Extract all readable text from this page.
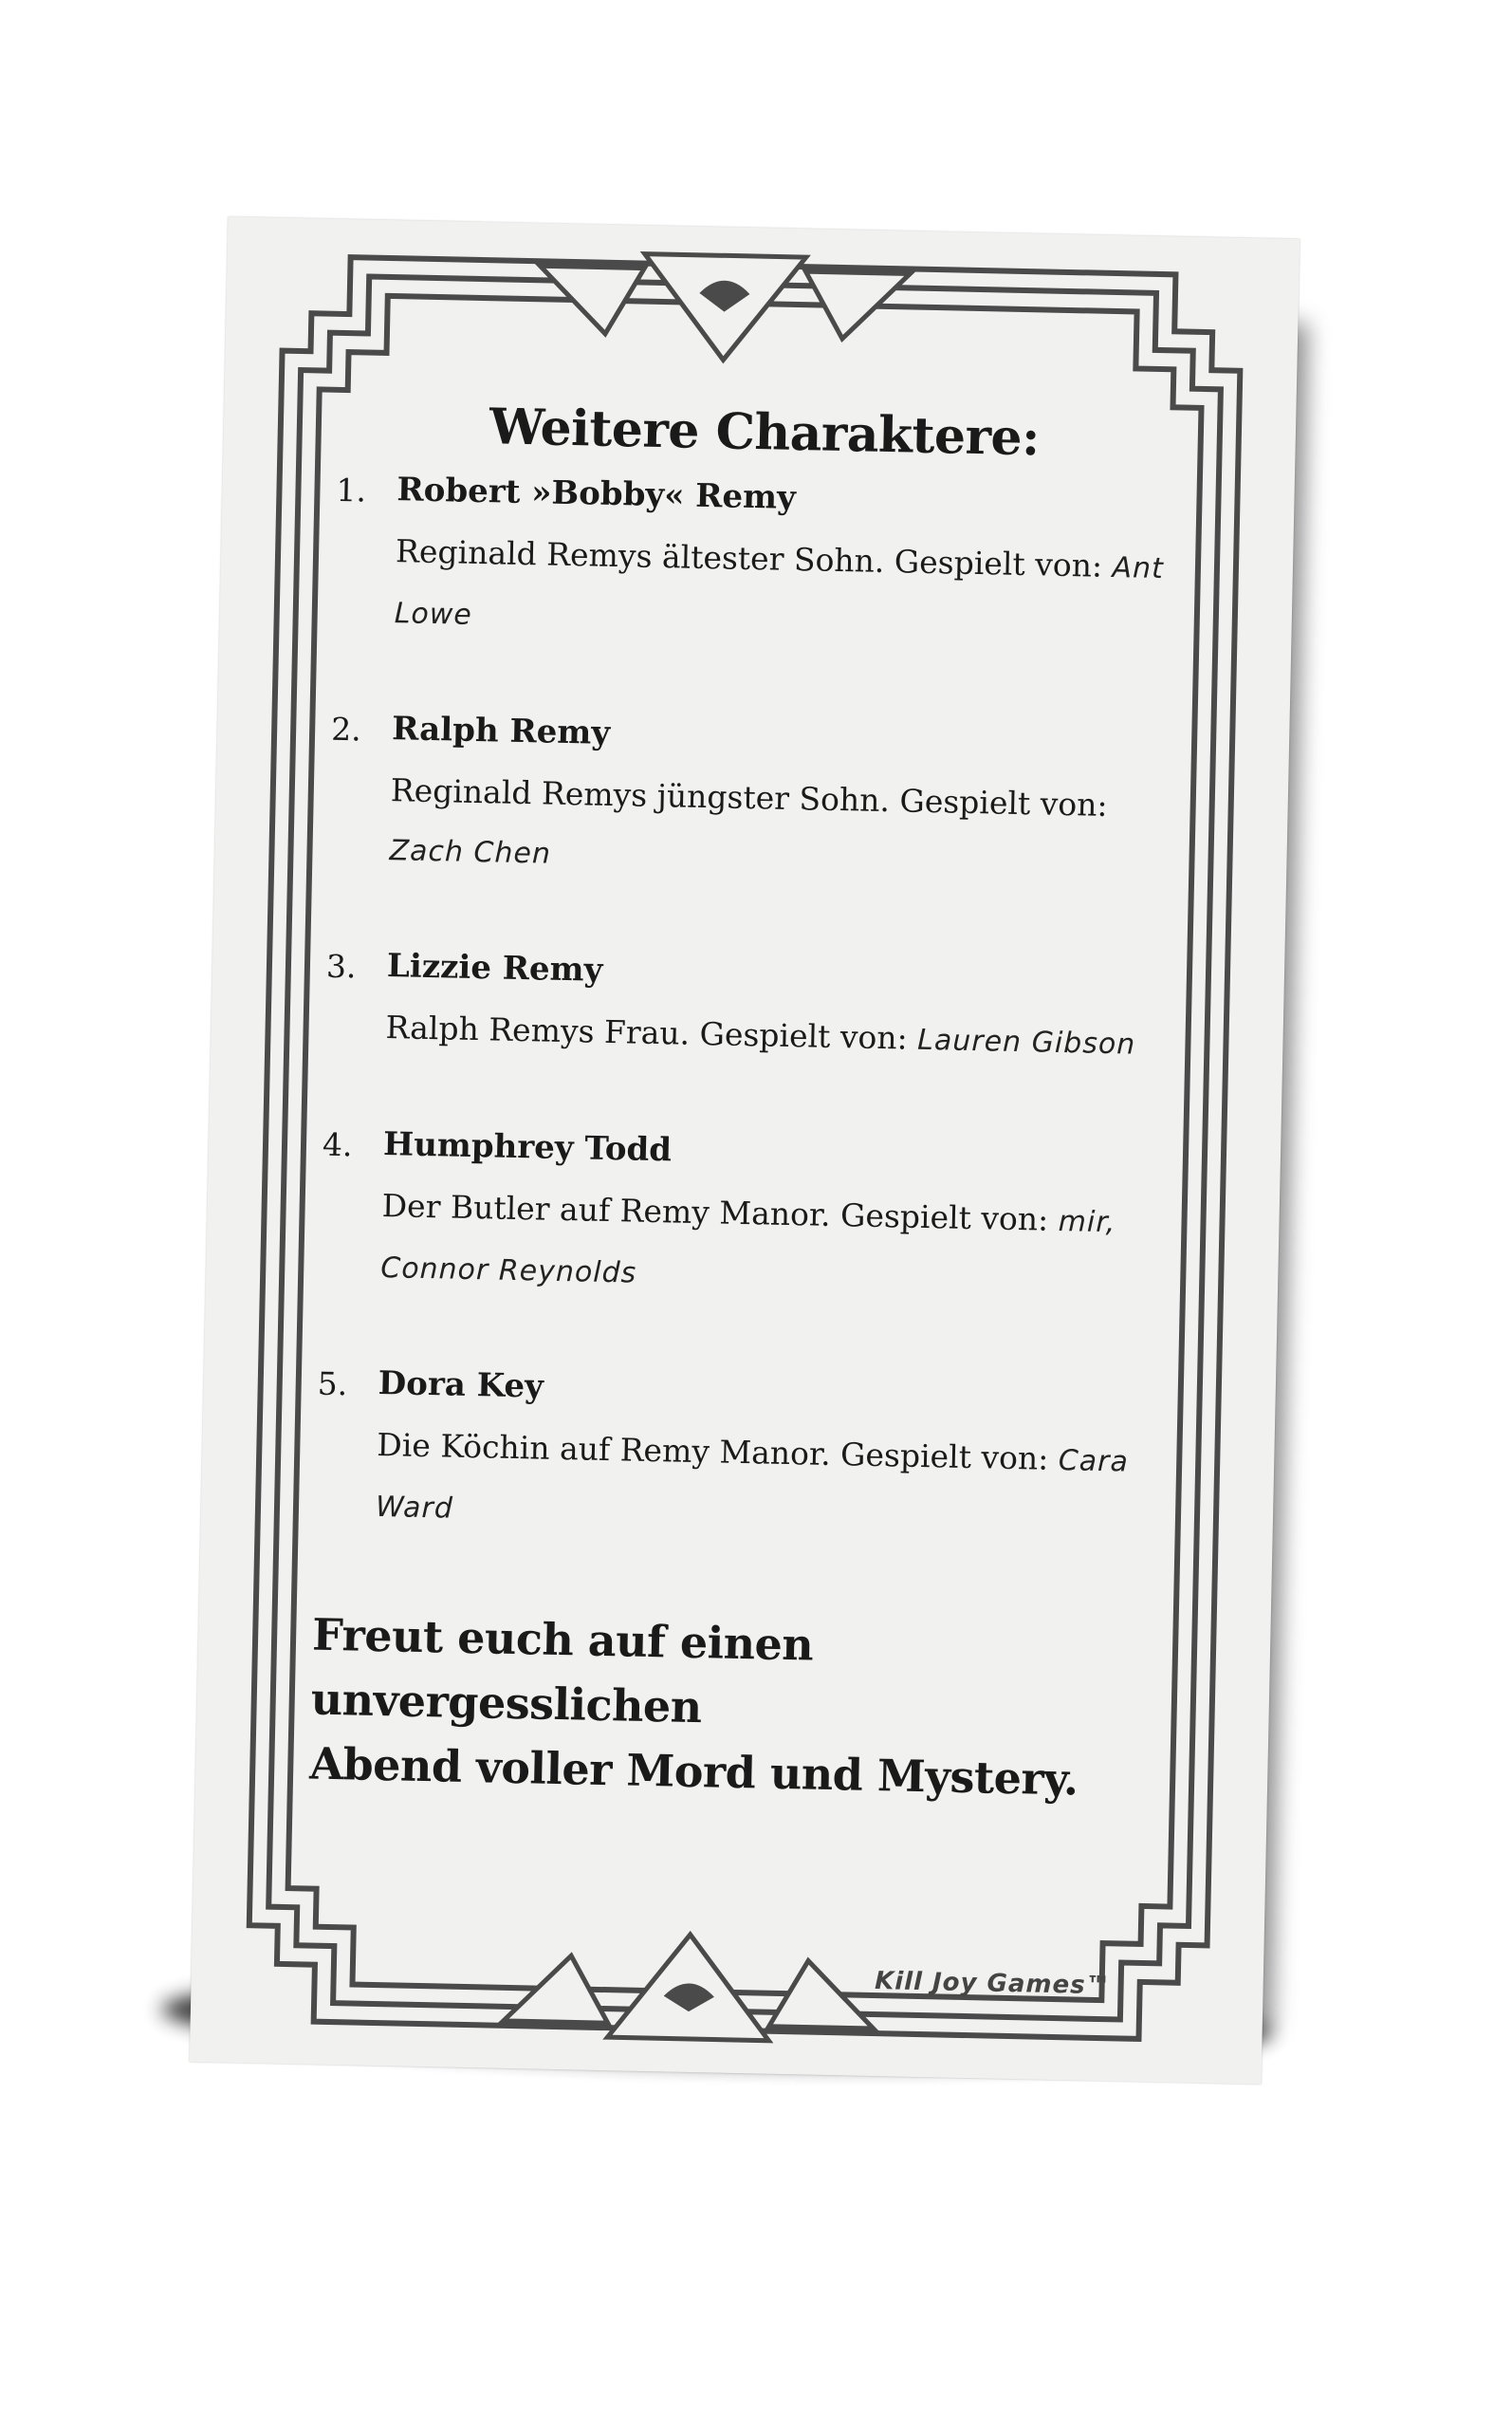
Weitere Charaktere:
1. Robert »Bobby« Remy

Reginald Remys ältester Sohn. Gespielt von: Ant Lowe

2. Ralph Remy

Reginald Remys jüngster Sohn. Gespielt von:
Zach Chen

3. Lizzie Remy

Ralph Remys Frau. Gespielt von: Lauren Gibson

4. Humphrey Todd

Der Butler auf Remy Manor. Gespielt von: mir, Connor Reynolds

5. Dora Key

Die Köchin auf Remy Manor. Gespielt von: Cara Ward

Freut euch auf einen unvergesslichen
Abend voller Mord und Mystery.
Kill Joy Games™
